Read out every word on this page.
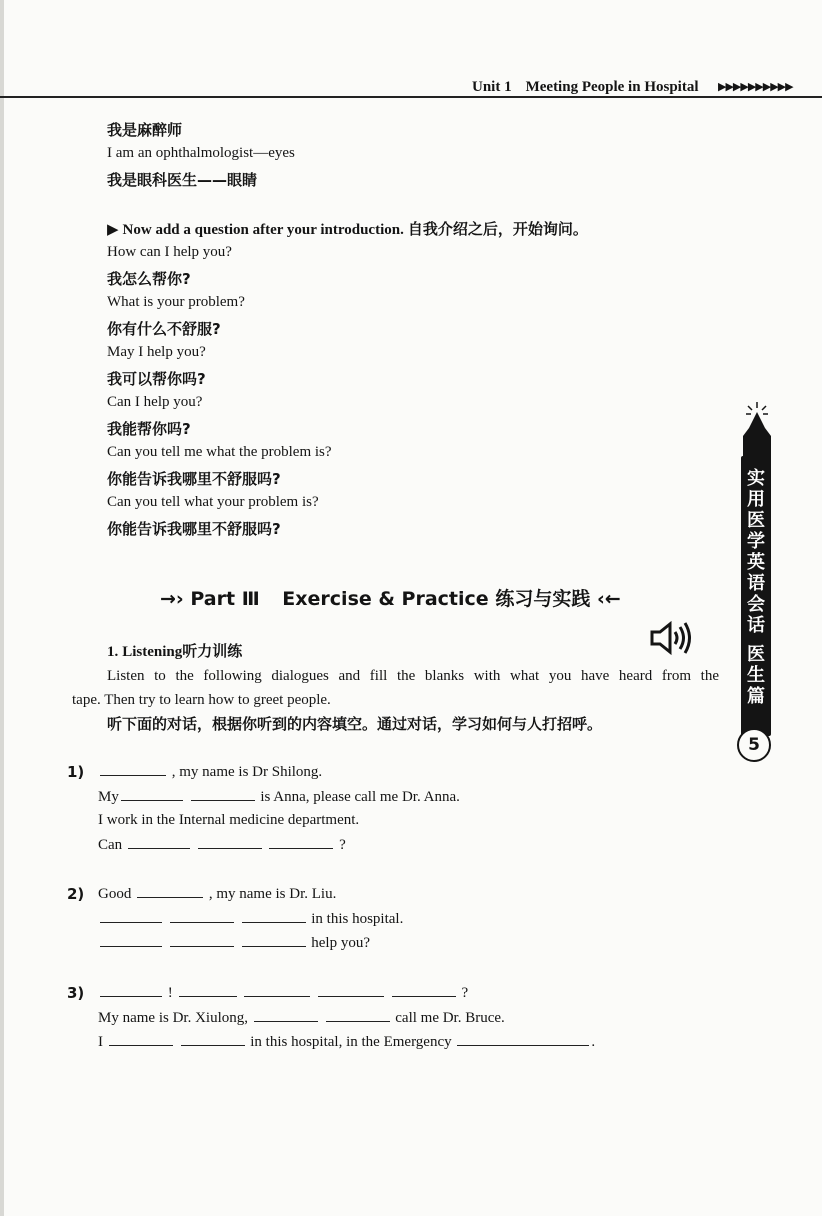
Unit 1 Meeting People in Hospital ▶▶▶▶▶▶▶▶▶▶
我是麻醉师
I am an ophthalmologist—eyes
我是眼科医生——眼睛
▶ Now add a question after your introduction. 自我介绍之后，开始询问。
How can I help you?
我怎么帮你?
What is your problem?
你有什么不舒服?
May I help you?
我可以帮你吗?
Can I help you?
我能帮你吗?
Can you tell me what the problem is?
你能告诉我哪里不舒服吗?
Can you tell what your problem is?
你能告诉我哪里不舒服吗?
→› Part Ⅲ Exercise & Practice 练习与实践 ‹←
1. Listening听力训练
Listen to the following dialogues and fill the blanks with what you have heard from the
tape. Then try to learn how to greet people.
听下面的对话，根据你听到的内容填空。通过对话，学习如何与人打招呼。
1)	, my name is Dr Shilong.
My	is Anna, please call me Dr. Anna.
I work in the Internal medicine department.
Can	?
2) Good	, my name is Dr. Liu.
in this hospital.
help you?
3)	!	?
My name is Dr. Xiulong,	call me Dr. Bruce.
I	in this hospital, in the Emergency	.
实
用
医
学
英
语
会
话
医
生
篇
5
